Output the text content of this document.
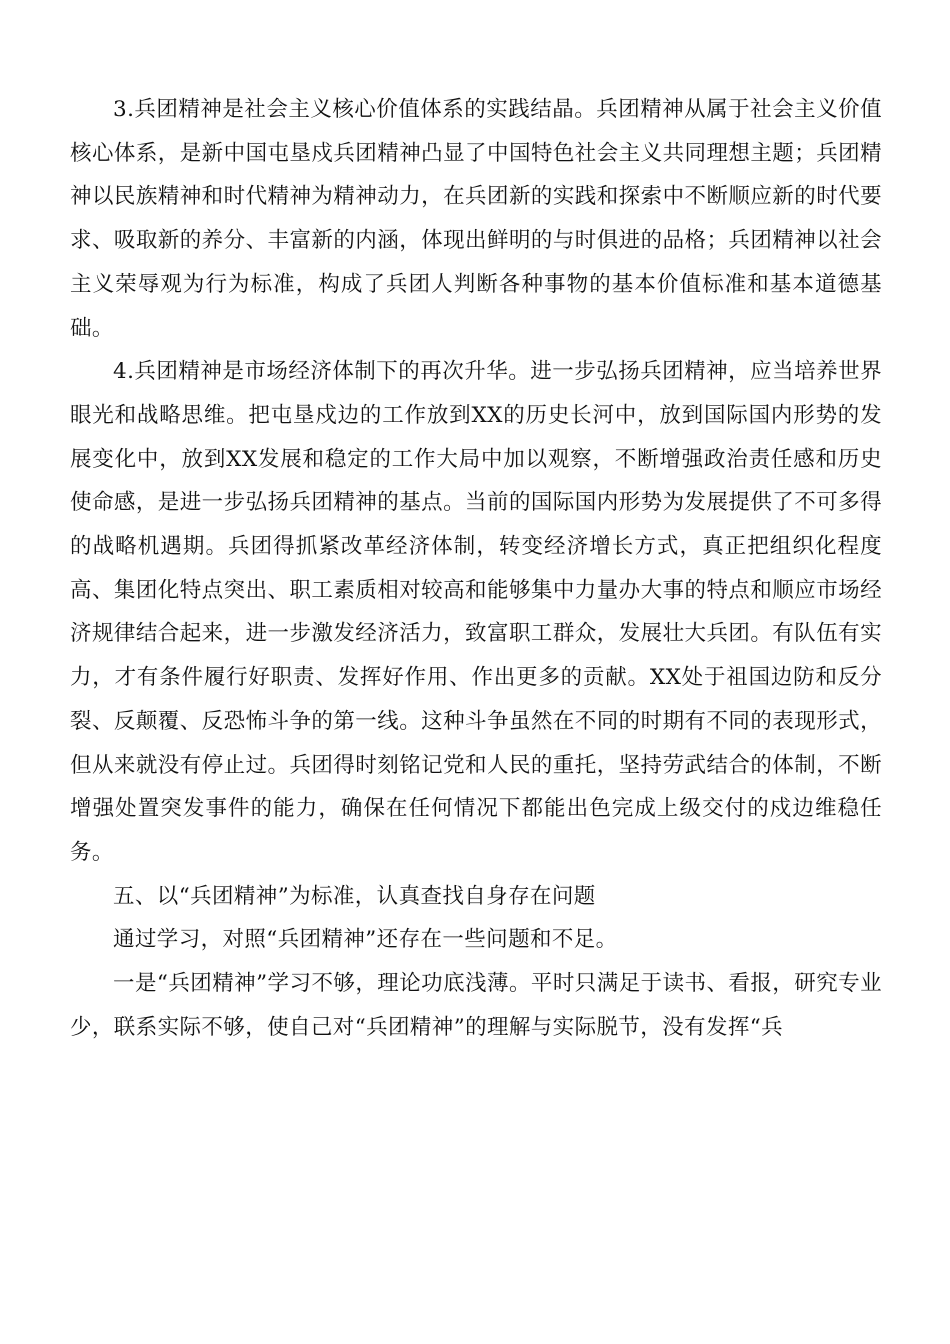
3.兵团精神是社会主义核心价值体系的实践结晶。兵团精神从属于社会主义价值核心体系，是新中国屯垦戍兵团精神凸显了中国特色社会主义共同理想主题；兵团精神以民族精神和时代精神为精神动力，在兵团新的实践和探索中不断顺应新的时代要求、吸取新的养分、丰富新的内涵，体现出鲜明的与时俱进的品格；兵团精神以社会主义荣辱观为行为标准，构成了兵团人判断各种事物的基本价值标准和基本道德基础。

4.兵团精神是市场经济体制下的再次升华。进一步弘扬兵团精神，应当培养世界眼光和战略思维。把屯垦戍边的工作放到XX的历史长河中，放到国际国内形势的发展变化中，放到XX发展和稳定的工作大局中加以观察，不断增强政治责任感和历史使命感，是进一步弘扬兵团精神的基点。当前的国际国内形势为发展提供了不可多得的战略机遇期。兵团得抓紧改革经济体制，转变经济增长方式，真正把组织化程度高、集团化特点突出、职工素质相对较高和能够集中力量办大事的特点和顺应市场经济规律结合起来，进一步激发经济活力，致富职工群众，发展壮大兵团。有队伍有实力，才有条件履行好职责、发挥好作用、作出更多的贡献。XX处于祖国边防和反分裂、反颠覆、反恐怖斗争的第一线。这种斗争虽然在不同的时期有不同的表现形式，但从来就没有停止过。兵团得时刻铭记党和人民的重托，坚持劳武结合的体制，不断增强处置突发事件的能力，确保在任何情况下都能出色完成上级交付的戍边维稳任务。

五、以“兵团精神”为标准，认真查找自身存在问题

通过学习，对照“兵团精神”还存在一些问题和不足。

一是“兵团精神”学习不够，理论功底浅薄。平时只满足于读书、看报，研究专业少，联系实际不够，使自己对“兵团精神”的理解与实际脱节，没有发挥“兵
